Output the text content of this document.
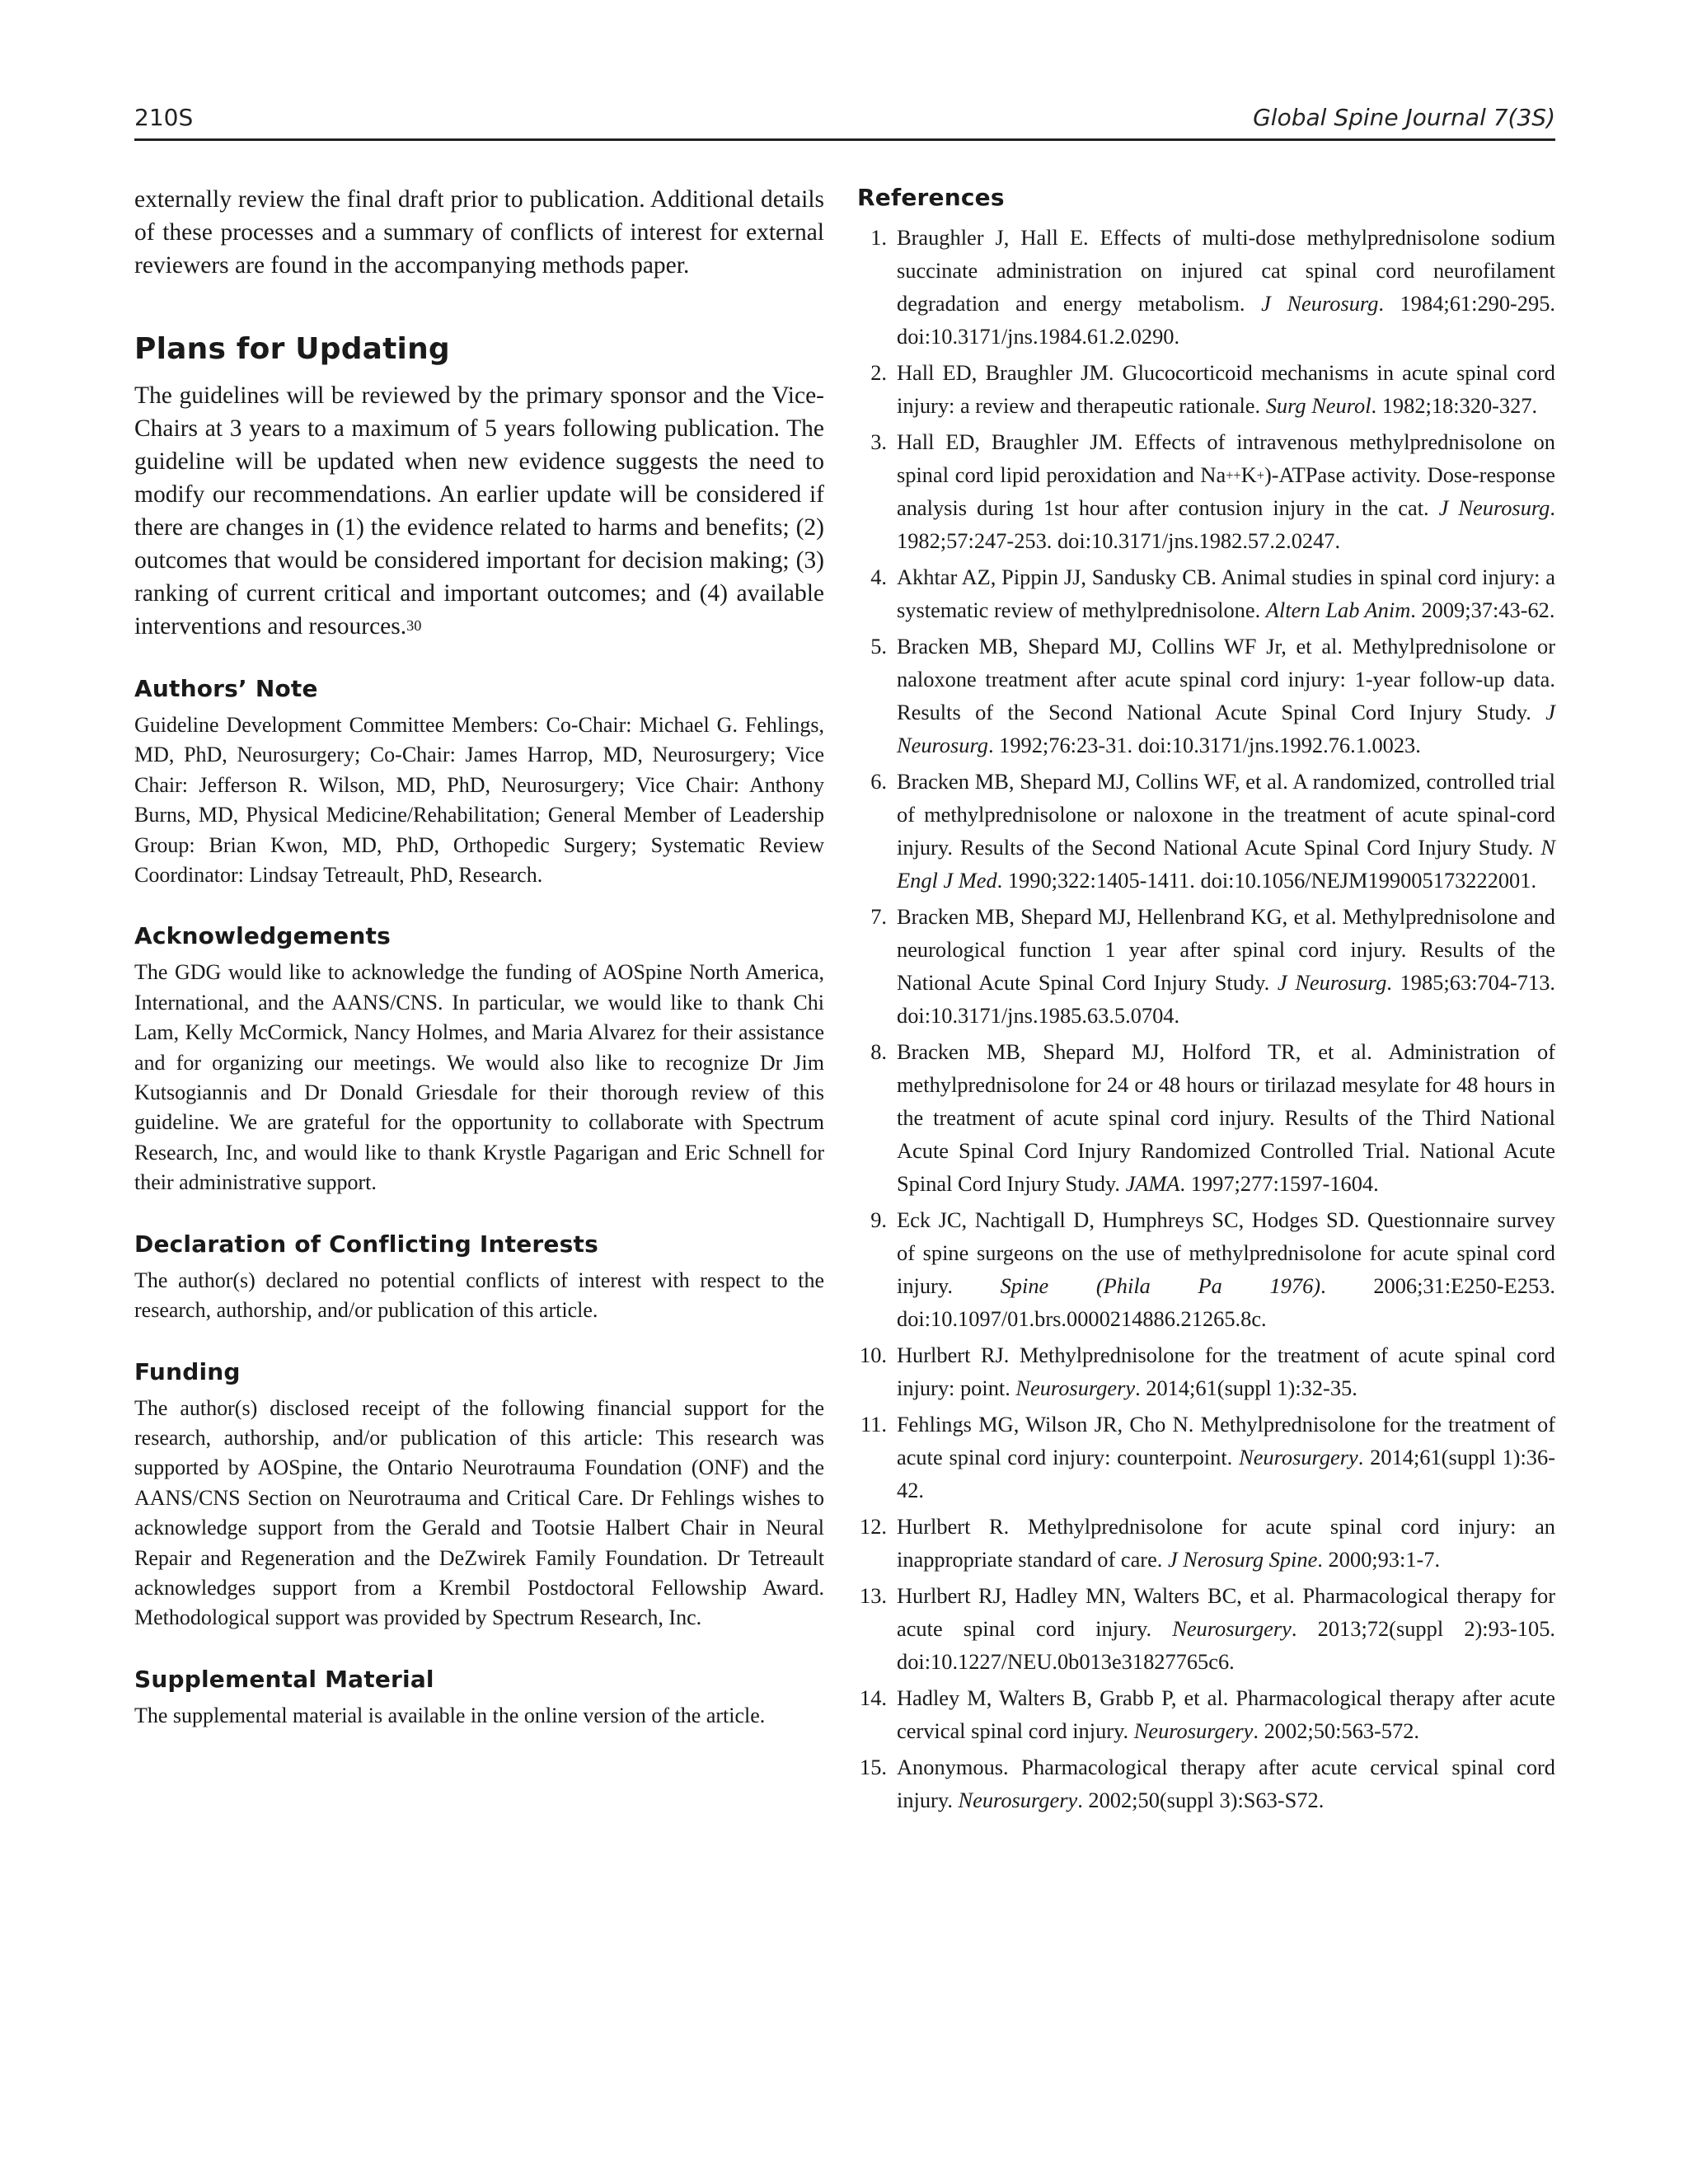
210S	Global Spine Journal 7(3S)

externally review the final draft prior to publication. Additional details of these processes and a summary of conflicts of interest for external reviewers are found in the accompanying methods paper.

Plans for Updating

The guidelines will be reviewed by the primary sponsor and the Vice-Chairs at 3 years to a maximum of 5 years following publication. The guideline will be updated when new evidence suggests the need to modify our recommendations. An earlier update will be considered if there are changes in (1) the evidence related to harms and benefits; (2) outcomes that would be considered important for decision making; (3) ranking of current critical and important outcomes; and (4) available interventions and resources.$^{30}$

Authors’ Note

Guideline Development Committee Members: Co-Chair: Michael G. Fehlings, MD, PhD, Neurosurgery; Co-Chair: James Harrop, MD, Neurosurgery; Vice Chair: Jefferson R. Wilson, MD, PhD, Neurosurgery; Vice Chair: Anthony Burns, MD, Physical Medicine/Rehabilitation; General Member of Leadership Group: Brian Kwon, MD, PhD, Orthopedic Surgery; Systematic Review Coordinator: Lindsay Tetreault, PhD, Research.

Acknowledgements

The GDG would like to acknowledge the funding of AOSpine North America, International, and the AANS/CNS. In particular, we would like to thank Chi Lam, Kelly McCormick, Nancy Holmes, and Maria Alvarez for their assistance and for organizing our meetings. We would also like to recognize Dr Jim Kutsogiannis and Dr Donald Griesdale for their thorough review of this guideline. We are grateful for the opportunity to collaborate with Spectrum Research, Inc, and would like to thank Krystle Pagarigan and Eric Schnell for their administrative support.

Declaration of Conflicting Interests

The author(s) declared no potential conflicts of interest with respect to the research, authorship, and/or publication of this article.

Funding

The author(s) disclosed receipt of the following financial support for the research, authorship, and/or publication of this article: This research was supported by AOSpine, the Ontario Neurotrauma Foundation (ONF) and the AANS/CNS Section on Neurotrauma and Critical Care. Dr Fehlings wishes to acknowledge support from the Gerald and Tootsie Halbert Chair in Neural Repair and Regeneration and the DeZwirek Family Foundation. Dr Tetreault acknowledges support from a Krembil Postdoctoral Fellowship Award. Methodological support was provided by Spectrum Research, Inc.

Supplemental Material

The supplemental material is available in the online version of the article.

References
1. Braughler J, Hall E. Effects of multi-dose methylprednisolone sodium succinate administration on injured cat spinal cord neurofilament degradation and energy metabolism. J Neurosurg. 1984;61:290-295. doi:10.3171/jns.1984.61.2.0290.
2. Hall ED, Braughler JM. Glucocorticoid mechanisms in acute spinal cord injury: a review and therapeutic rationale. Surg Neurol. 1982;18:320-327.
3. Hall ED, Braughler JM. Effects of intravenous methylprednisolone on spinal cord lipid peroxidation and Na++K+)-ATPase activity. Dose-response analysis during 1st hour after contusion injury in the cat. J Neurosurg. 1982;57:247-253. doi:10.3171/jns.1982.57.2.0247.
4. Akhtar AZ, Pippin JJ, Sandusky CB. Animal studies in spinal cord injury: a systematic review of methylprednisolone. Altern Lab Anim. 2009;37:43-62.
5. Bracken MB, Shepard MJ, Collins WF Jr, et al. Methylprednisolone or naloxone treatment after acute spinal cord injury: 1-year follow-up data. Results of the Second National Acute Spinal Cord Injury Study. J Neurosurg. 1992;76:23-31. doi:10.3171/jns.1992.76.1.0023.
6. Bracken MB, Shepard MJ, Collins WF, et al. A randomized, controlled trial of methylprednisolone or naloxone in the treatment of acute spinal-cord injury. Results of the Second National Acute Spinal Cord Injury Study. N Engl J Med. 1990;322:1405-1411. doi:10.1056/NEJM199005173222001.
7. Bracken MB, Shepard MJ, Hellenbrand KG, et al. Methylprednisolone and neurological function 1 year after spinal cord injury. Results of the National Acute Spinal Cord Injury Study. J Neurosurg. 1985;63:704-713. doi:10.3171/jns.1985.63.5.0704.
8. Bracken MB, Shepard MJ, Holford TR, et al. Administration of methylprednisolone for 24 or 48 hours or tirilazad mesylate for 48 hours in the treatment of acute spinal cord injury. Results of the Third National Acute Spinal Cord Injury Randomized Controlled Trial. National Acute Spinal Cord Injury Study. JAMA. 1997;277:1597-1604.
9. Eck JC, Nachtigall D, Humphreys SC, Hodges SD. Questionnaire survey of spine surgeons on the use of methylprednisolone for acute spinal cord injury. Spine (Phila Pa 1976). 2006;31:E250-E253. doi:10.1097/01.brs.0000214886.21265.8c.
10. Hurlbert RJ. Methylprednisolone for the treatment of acute spinal cord injury: point. Neurosurgery. 2014;61(suppl 1):32-35.
11. Fehlings MG, Wilson JR, Cho N. Methylprednisolone for the treatment of acute spinal cord injury: counterpoint. Neurosurgery. 2014;61(suppl 1):36-42.
12. Hurlbert R. Methylprednisolone for acute spinal cord injury: an inappropriate standard of care. J Nerosurg Spine. 2000;93:1-7.
13. Hurlbert RJ, Hadley MN, Walters BC, et al. Pharmacological therapy for acute spinal cord injury. Neurosurgery. 2013;72(suppl 2):93-105. doi:10.1227/NEU.0b013e31827765c6.
14. Hadley M, Walters B, Grabb P, et al. Pharmacological therapy after acute cervical spinal cord injury. Neurosurgery. 2002;50:563-572.
15. Anonymous. Pharmacological therapy after acute cervical spinal cord injury. Neurosurgery. 2002;50(suppl 3):S63-S72.
